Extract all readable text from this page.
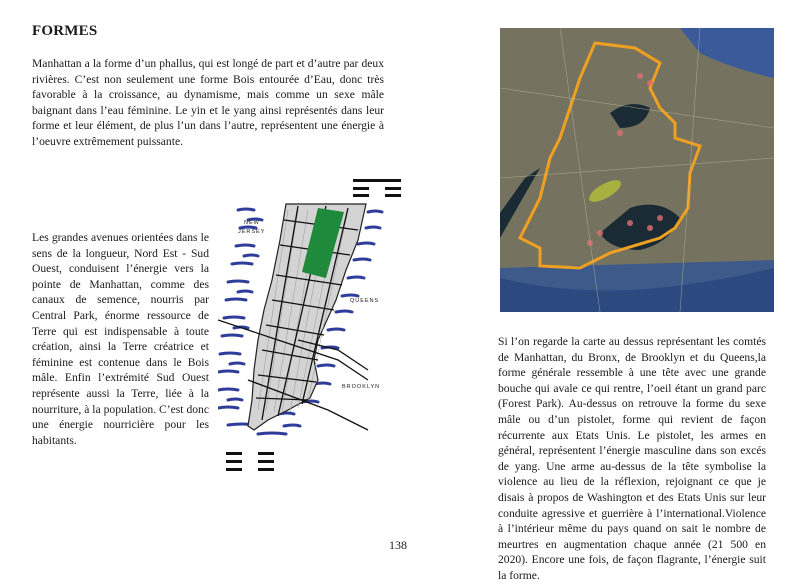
FORMES
Manhattan a la forme d’un phallus, qui est longé de part et d’autre par deux rivières. C’est non seulement une forme Bois entourée d’Eau, donc très favorable à la croissance, au dynamisme, mais comme un sexe mâle baignant dans l’eau féminine. Le yin et le yang ainsi représentés dans leur forme et leur élément, de plus l’un dans l’autre, représentent une énergie à l’oeuvre extrêmement puissante.
Les grandes avenues orientées dans le sens de la longueur, Nord Est - Sud Ouest, conduisent l’énergie vers la pointe de Manhattan, comme des canaux de semence, nourris par Central Park, énorme ressource de Terre qui est indispensable à toute création, ainsi la Terre créatrice et féminine est contenue dans le Bois mâle. Enfin l’extrémité Sud Ouest représente aussi la Terre, liée à la nourriture, à la population. C’est donc une énergie nourricière pour les habitants.
Si l’on regarde la carte au dessus représentant les comtés de Manhattan, du Bronx, de Brooklyn et du Queens,la forme générale ressemble à une tête avec une grande bouche qui avale ce qui rentre, l’oeil étant un grand parc (Forest Park). Au-dessus on retrouve la forme du sexe mâle ou d’un pistolet, forme qui revient de façon récurrente aux Etats Unis. Le pistolet, les armes en général, représentent l’énergie masculine dans son excés de yang. Une arme au-dessus de la tête symbolise la violence au lieu de la réflexion, rejoignant ce que je disais à propos de Washington et des Etats Unis sur leur conduite agressive et guerrière à l’international.Violence à l’intérieur même du pays quand on sait le nombre de meurtres en augmentation chaque année (21 500 en 2020). Encore une fois, de façon flagrante, l’énergie suit la forme.
NEW
JERSEY
QUEENS
BROOKLYN
138
